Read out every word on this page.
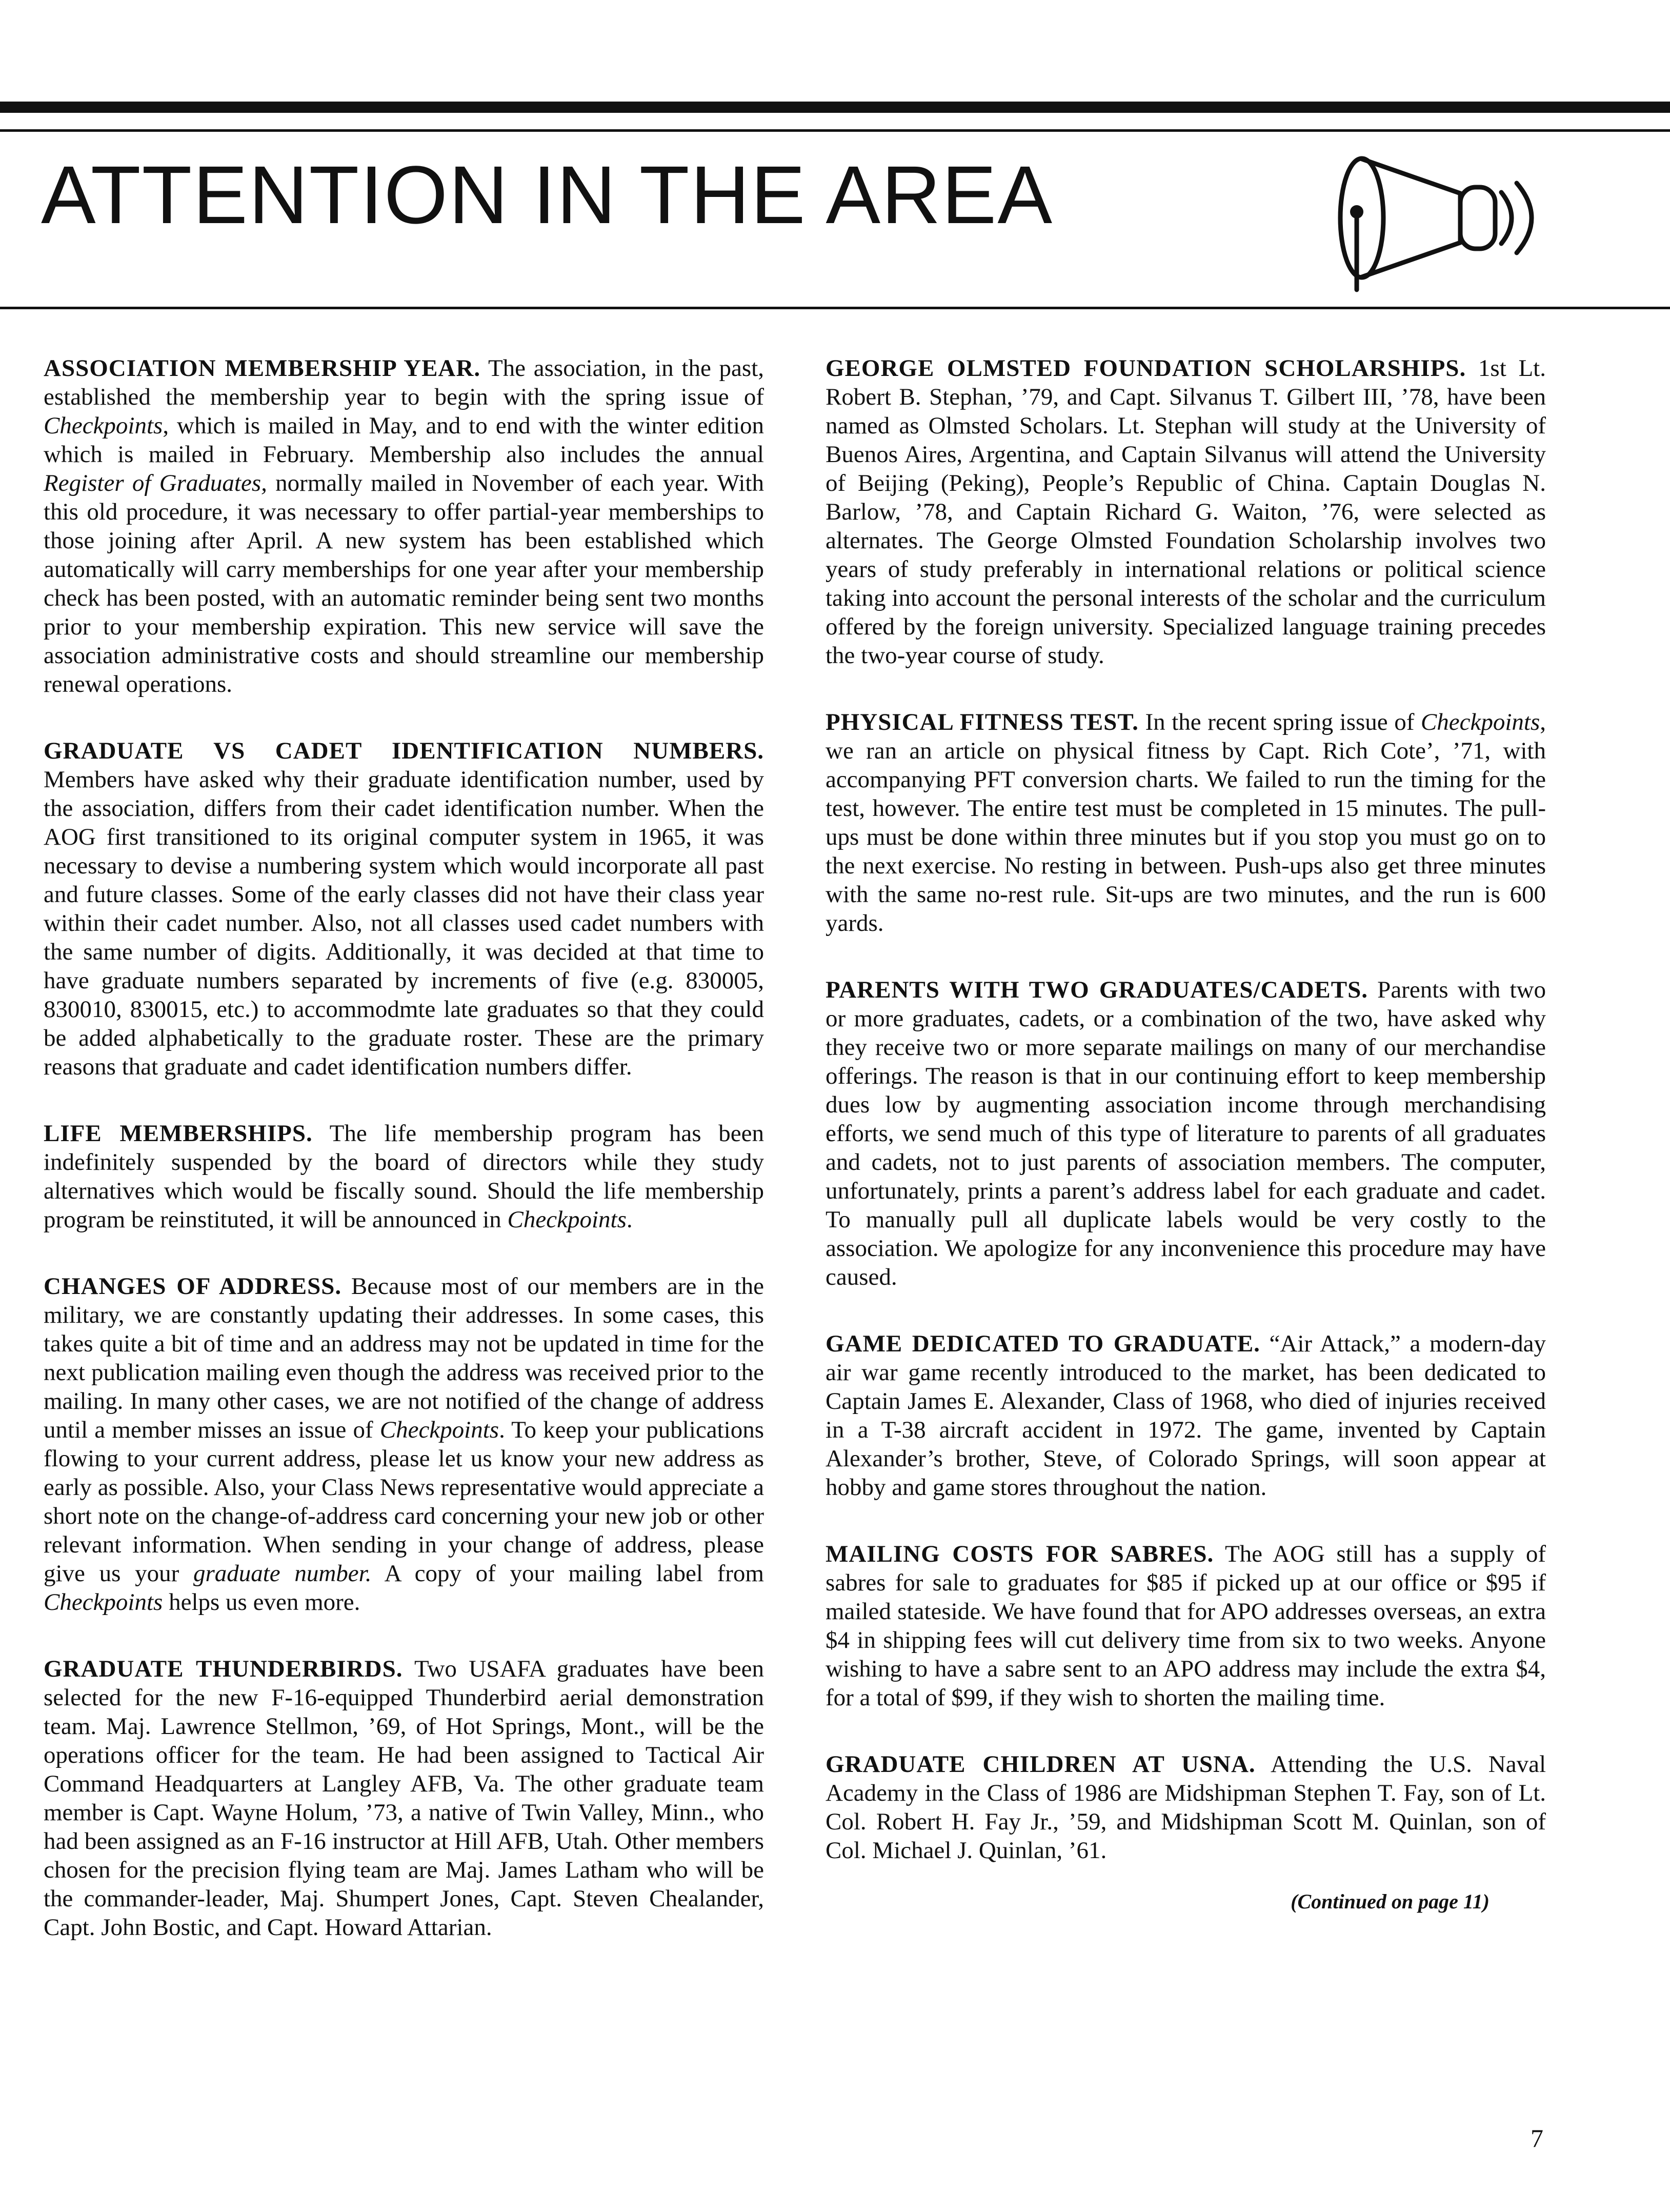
ATTENTION IN THE AREA

ASSOCIATION MEMBERSHIP YEAR. The association, in the past, established the membership year to begin with the spring issue of Checkpoints, which is mailed in May, and to end with the winter edition which is mailed in February. Membership also includes the annual Register of Graduates, normally mailed in November of each year. With this old procedure, it was necessary to offer partial-year memberships to those joining after April. A new system has been established which automatically will carry memberships for one year after your membership check has been posted, with an automatic reminder being sent two months prior to your membership expiration. This new service will save the association administrative costs and should streamline our membership renewal operations.

GRADUATE VS CADET IDENTIFICATION NUMBERS. Members have asked why their graduate identification number, used by the association, differs from their cadet identification number. When the AOG first transitioned to its original computer system in 1965, it was necessary to devise a numbering system which would incorporate all past and future classes. Some of the early classes did not have their class year within their cadet number. Also, not all classes used cadet numbers with the same number of digits. Additionally, it was decided at that time to have graduate numbers separated by increments of five (e.g. 830005, 830010, 830015, etc.) to accommodmte late graduates so that they could be added alphabetically to the graduate roster. These are the primary reasons that graduate and cadet identification numbers differ.

LIFE MEMBERSHIPS. The life membership program has been indefinitely suspended by the board of directors while they study alternatives which would be fiscally sound. Should the life membership program be reinstituted, it will be announced in Checkpoints.

CHANGES OF ADDRESS. Because most of our members are in the military, we are constantly updating their addresses. In some cases, this takes quite a bit of time and an address may not be updated in time for the next publication mailing even though the address was received prior to the mailing. In many other cases, we are not notified of the change of address until a member misses an issue of Checkpoints. To keep your publications flowing to your current address, please let us know your new address as early as possible. Also, your Class News representative would appreciate a short note on the change-of-address card concerning your new job or other relevant information. When sending in your change of address, please give us your graduate number. A copy of your mailing label from Checkpoints helps us even more.

GRADUATE THUNDERBIRDS. Two USAFA graduates have been selected for the new F-16-equipped Thunderbird aerial demonstration team. Maj. Lawrence Stellmon, ’69, of Hot Springs, Mont., will be the operations officer for the team. He had been assigned to Tactical Air Command Headquarters at Langley AFB, Va. The other graduate team member is Capt. Wayne Holum, ’73, a native of Twin Valley, Minn., who had been assigned as an F-16 instructor at Hill AFB, Utah. Other members chosen for the precision flying team are Maj. James Latham who will be the commander-leader, Maj. Shumpert Jones, Capt. Steven Chealander, Capt. John Bostic, and Capt. Howard Attarian.

GEORGE OLMSTED FOUNDATION SCHOLARSHIPS. 1st Lt. Robert B. Stephan, ’79, and Capt. Silvanus T. Gilbert III, ’78, have been named as Olmsted Scholars. Lt. Stephan will study at the University of Buenos Aires, Argentina, and Captain Silvanus will attend the University of Beijing (Peking), People’s Republic of China. Captain Douglas N. Barlow, ’78, and Captain Richard G. Waiton, ’76, were selected as alternates. The George Olmsted Foundation Scholarship involves two years of study preferably in international relations or political science taking into account the personal interests of the scholar and the curriculum offered by the foreign university. Specialized language training precedes the two-year course of study.

PHYSICAL FITNESS TEST. In the recent spring issue of Checkpoints, we ran an article on physical fitness by Capt. Rich Cote’, ’71, with accompanying PFT conversion charts. We failed to run the timing for the test, however. The entire test must be completed in 15 minutes. The pull-ups must be done within three minutes but if you stop you must go on to the next exercise. No resting in between. Push-ups also get three minutes with the same no-rest rule. Sit-ups are two minutes, and the run is 600 yards.

PARENTS WITH TWO GRADUATES/CADETS. Parents with two or more graduates, cadets, or a combination of the two, have asked why they receive two or more separate mailings on many of our merchandise offerings. The reason is that in our continuing effort to keep membership dues low by augmenting association income through merchandising efforts, we send much of this type of literature to parents of all graduates and cadets, not to just parents of association members. The computer, unfortunately, prints a parent’s address label for each graduate and cadet. To manually pull all duplicate labels would be very costly to the association. We apologize for any inconvenience this procedure may have caused.

GAME DEDICATED TO GRADUATE. “Air Attack,” a modern-day air war game recently introduced to the market, has been dedicated to Captain James E. Alexander, Class of 1968, who died of injuries received in a T-38 aircraft accident in 1972. The game, invented by Captain Alexander’s brother, Steve, of Colorado Springs, will soon appear at hobby and game stores throughout the nation.

MAILING COSTS FOR SABRES. The AOG still has a supply of sabres for sale to graduates for $85 if picked up at our office or $95 if mailed stateside. We have found that for APO addresses overseas, an extra $4 in shipping fees will cut delivery time from six to two weeks. Anyone wishing to have a sabre sent to an APO address may include the extra $4, for a total of $99, if they wish to shorten the mailing time.

GRADUATE CHILDREN AT USNA. Attending the U.S. Naval Academy in the Class of 1986 are Midshipman Stephen T. Fay, son of Lt. Col. Robert H. Fay Jr., ’59, and Midshipman Scott M. Quinlan, son of Col. Michael J. Quinlan, ’61.

(Continued on page 11)
7
